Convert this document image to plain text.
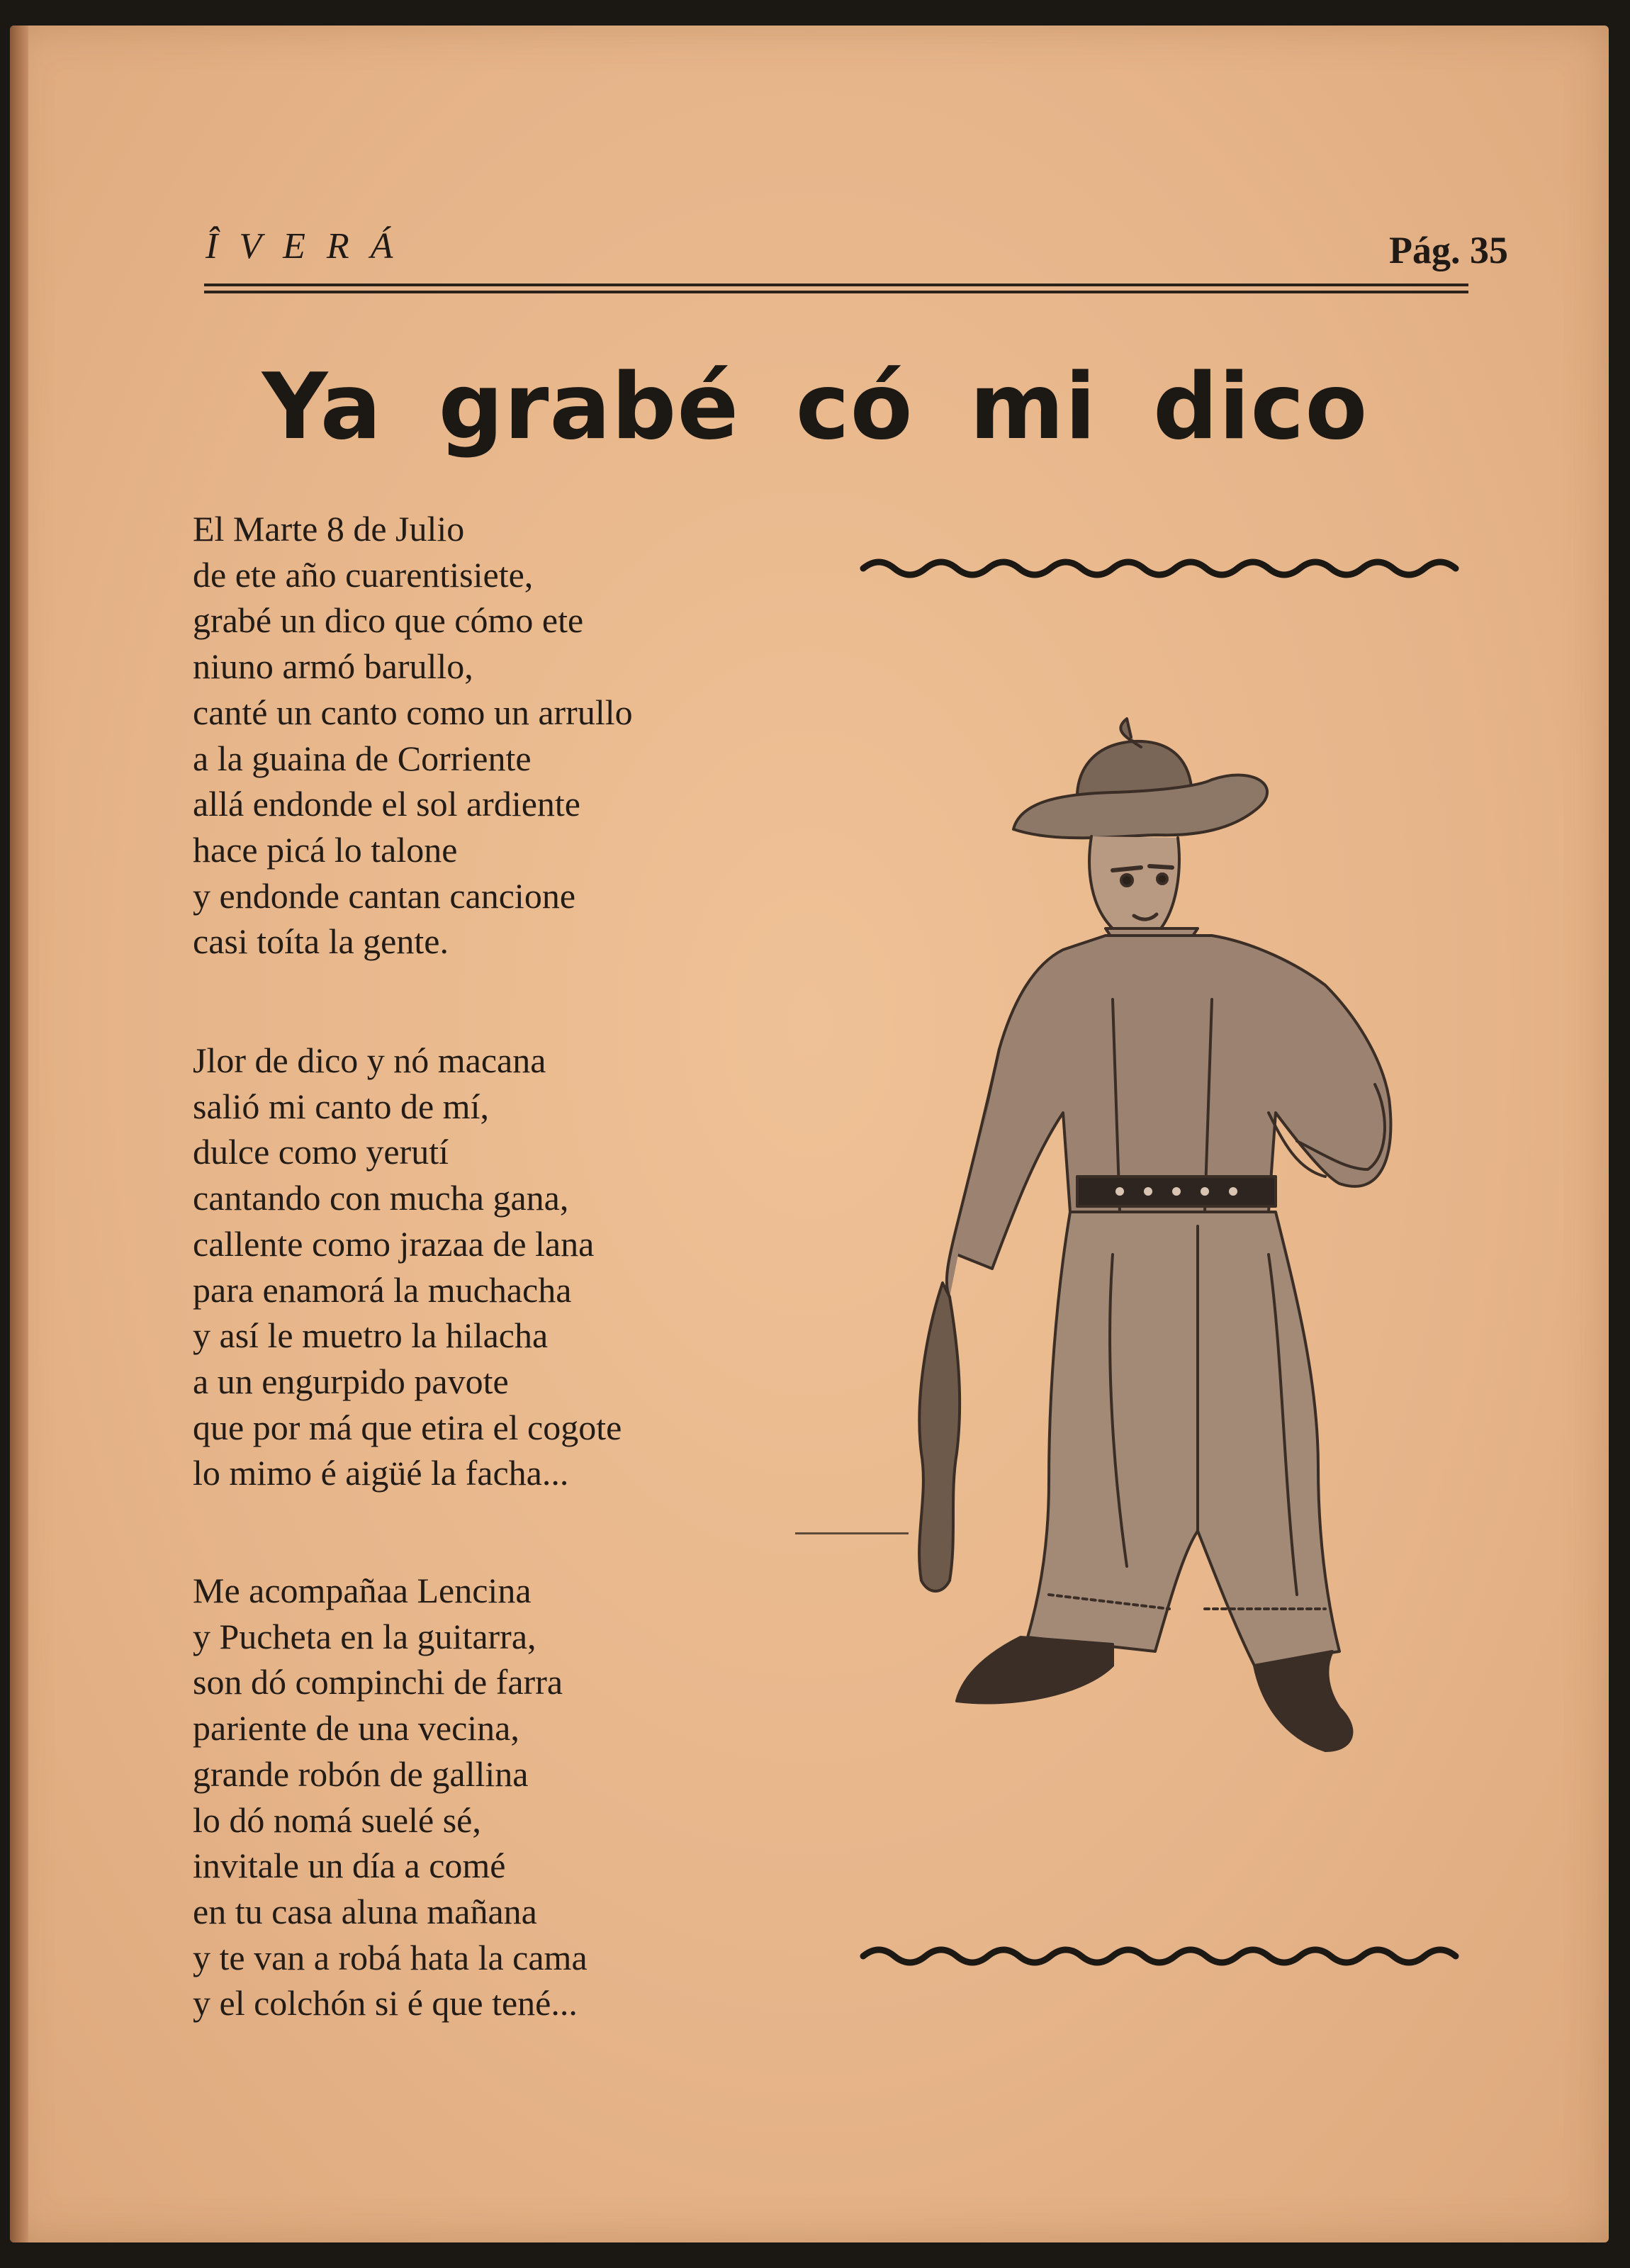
ÎVERÁ	Pág. 35
Ya grabé có mi dico
El Marte 8 de Julio
de ete año cuarentisiete,
grabé un dico que cómo ete
niuno armó barullo,
canté un canto como un arrullo
a la guaina de Corriente
allá endonde el sol ardiente
hace picá lo talone
y endonde cantan cancione
casi toíta la gente.
Jlor de dico y nó macana
salió mi canto de mí,
dulce como yerutí
cantando con mucha gana,
callente como jrazaa de lana
para enamorá la muchacha
y así le muetro la hilacha
a un engurpido pavote
que por má que etira el cogote
lo mimo é aigüé la facha...
Me acompañaa Lencina
y Pucheta en la guitarra,
son dó compinchi de farra
pariente de una vecina,
grande robón de gallina
lo dó nomá suelé sé,
invitale un día a comé
en tu casa aluna mañana
y te van a robá hata la cama
y el colchón si é que tené...
